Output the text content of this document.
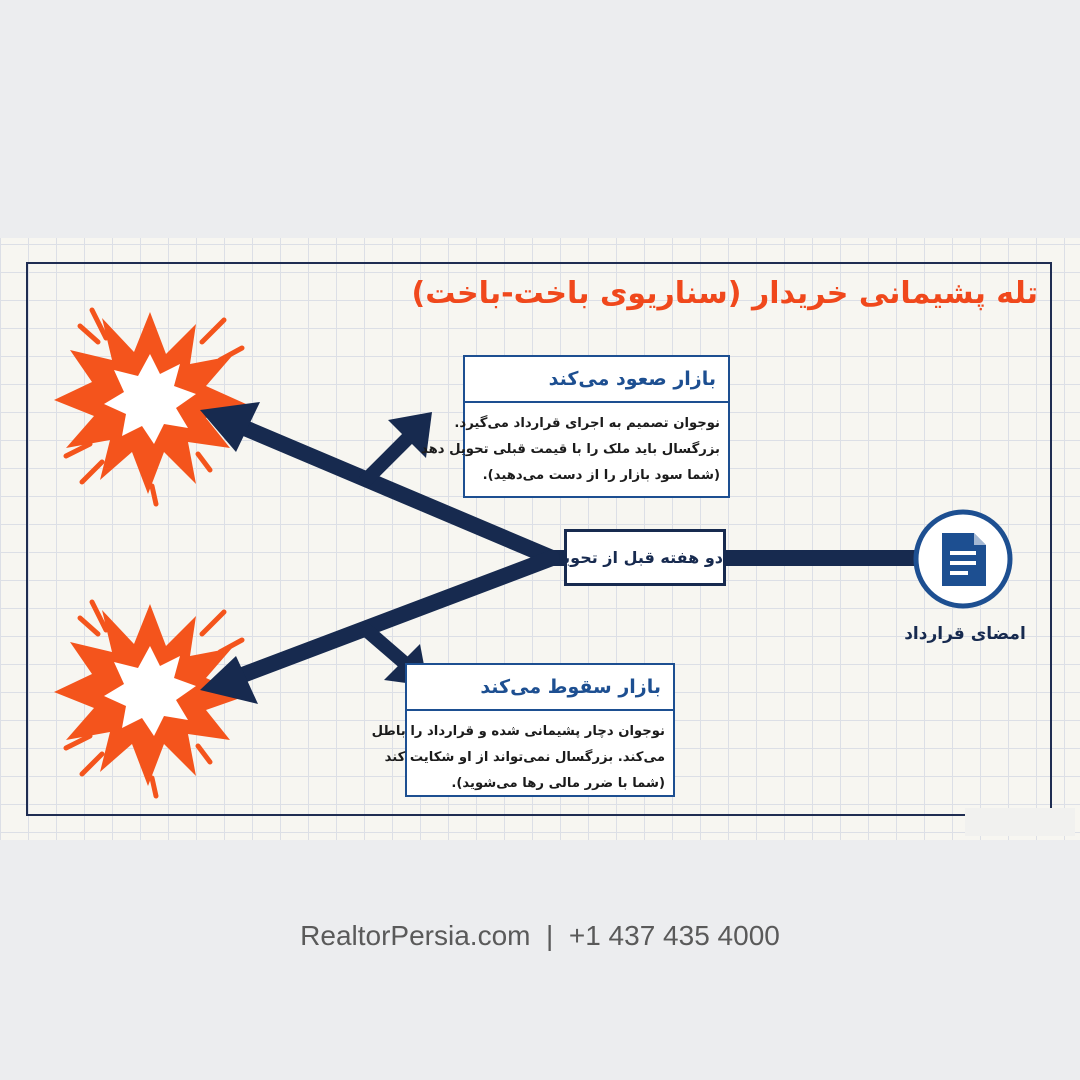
تله پشیمانی خریدار (سناریوی باخت-باخت)
بازار صعود می‌کند
نوجوان تصمیم به اجرای قرارداد می‌گیرد.
بزرگسال باید ملک را با قیمت قبلی تحویل دهد
(شما سود بازار را از دست می‌دهید).
بازار سقوط می‌کند
نوجوان دچار پشیمانی شده و قرارداد را باطل
می‌کند. بزرگسال نمی‌تواند از او شکایت کند
(شما با ضرر مالی رها می‌شوید).
دو هفته قبل از تحویل
امضای قرارداد
RealtorPersia.com  |  +1 437 435 4000
